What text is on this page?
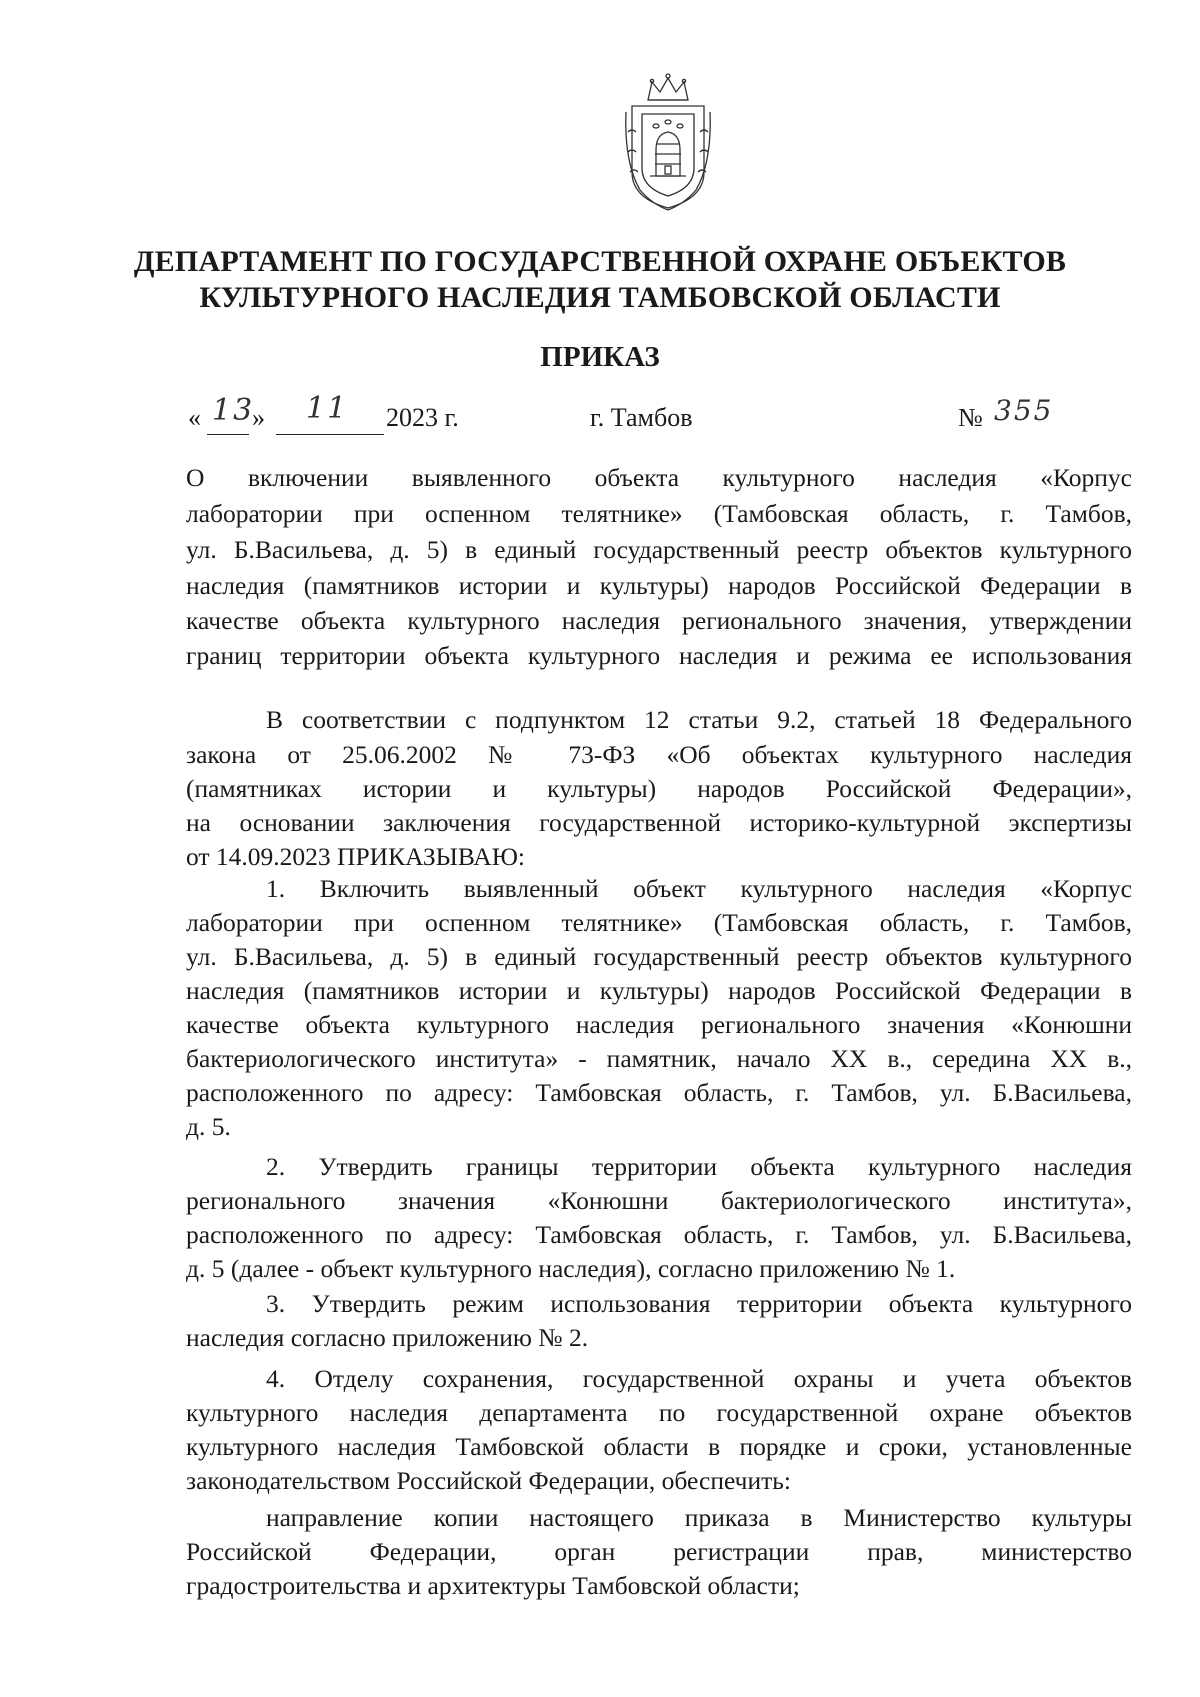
ДЕПАРТАМЕНТ ПО ГОСУДАРСТВЕННОЙ ОХРАНЕ ОБЪЕКТОВ
КУЛЬТУРНОГО НАСЛЕДИЯ ТАМБОВСКОЙ ОБЛАСТИ
ПРИКАЗ
« 13
» 11 2023 г.	г. Тамбов	№ 355
О включении выявленного объекта культурного наследия «Корпус
лаборатории при оспенном телятнике» (Тамбовская область, г. Тамбов,
ул. Б.Васильева, д. 5) в единый государственный реестр объектов культурного
наследия (памятников истории и культуры) народов Российской Федерации в
качестве объекта культурного наследия регионального значения, утверждении
границ территории объекта культурного наследия и режима ее использования
В соответствии с подпунктом 12 статьи 9.2, статьей 18 Федерального
закона от 25.06.2002 № 73-ФЗ «Об объектах культурного наследия
(памятниках истории и культуры) народов Российской Федерации»,
на основании заключения государственной историко-культурной экспертизы
от 14.09.2023 ПРИКАЗЫВАЮ:
1. Включить выявленный объект культурного наследия «Корпус
лаборатории при оспенном телятнике» (Тамбовская область, г. Тамбов,
ул. Б.Васильева, д. 5) в единый государственный реестр объектов культурного
наследия (памятников истории и культуры) народов Российской Федерации в
качестве объекта культурного наследия регионального значения «Конюшни
бактериологического института» - памятник, начало XX в., середина XX в.,
расположенного по адресу: Тамбовская область, г. Тамбов, ул. Б.Васильева,
д. 5.
2. Утвердить границы территории объекта культурного наследия
регионального значения «Конюшни бактериологического института»,
расположенного по адресу: Тамбовская область, г. Тамбов, ул. Б.Васильева,
д. 5 (далее - объект культурного наследия), согласно приложению № 1.
3. Утвердить режим использования территории объекта культурного
наследия согласно приложению № 2.
4. Отделу сохранения, государственной охраны и учета объектов
культурного наследия департамента по государственной охране объектов
культурного наследия Тамбовской области в порядке и сроки, установленные
законодательством Российской Федерации, обеспечить:
направление копии настоящего приказа в Министерство культуры
Российской Федерации, орган регистрации прав, министерство
градостроительства и архитектуры Тамбовской области;
